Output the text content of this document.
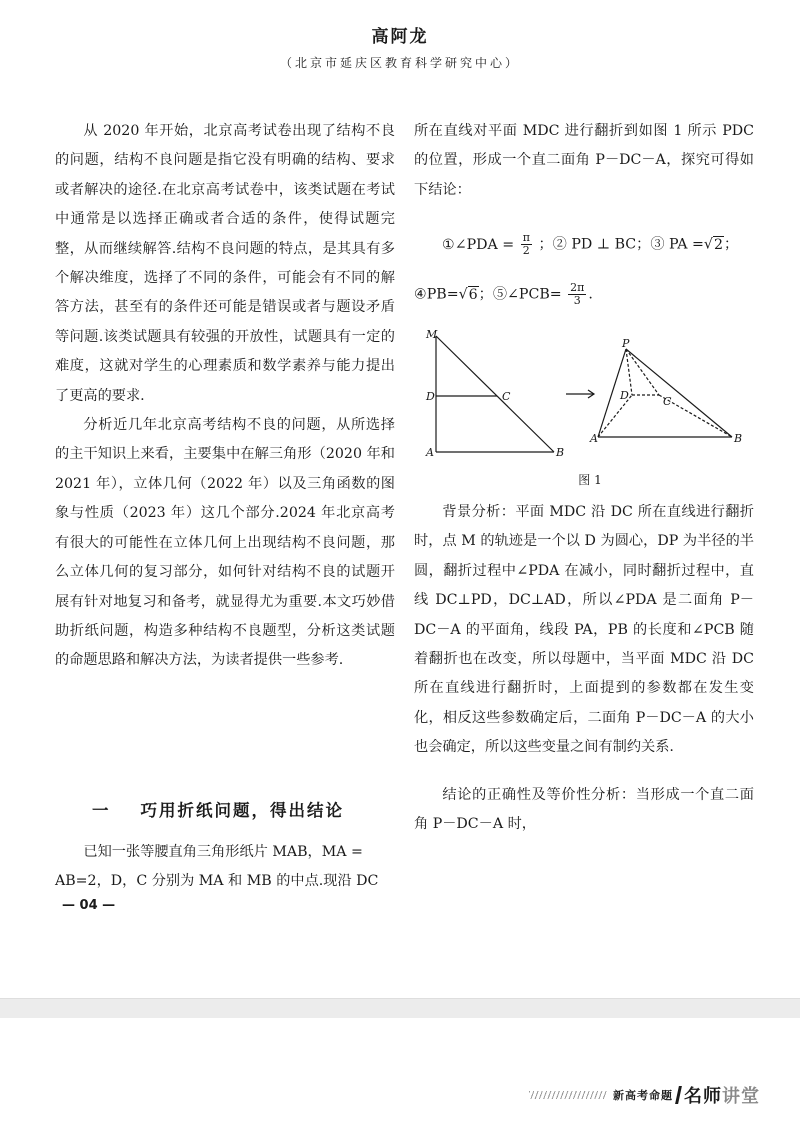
高阿龙
（北京市延庆区教育科学研究中心）

从 2020 年开始，北京高考试卷出现了结构不良的问题，结构不良问题是指它没有明确的结构、要求或者解决的途径.在北京高考试卷中，该类试题在考试中通常是以选择正确或者合适的条件，使得试题完整，从而继续解答.结构不良问题的特点，是其具有多个解决维度，选择了不同的条件，可能会有不同的解答方法，甚至有的条件还可能是错误或者与题设矛盾等问题.该类试题具有较强的开放性，试题具有一定的难度，这就对学生的心理素质和数学素养与能力提出了更高的要求.

分析近几年北京高考结构不良的问题，从所选择的主干知识上来看，主要集中在解三角形（2020 年和 2021 年），立体几何（2022 年）以及三角函数的图象与性质（2023 年）这几个部分.2024 年北京高考有很大的可能性在立体几何上出现结构不良问题，那么立体几何的复习部分，如何针对结构不良的试题开展有针对地复习和备考，就显得尤为重要.本文巧妙借助折纸问题，构造多种结构不良题型，分析这类试题的命题思路和解决方法，为读者提供一些参考.

一 巧用折纸问题，得出结论

已知一张等腰直角三角形纸片 MAB，MA = AB=2，D，C 分别为 MA 和 MB 的中点.现沿 DC

— 04 —

所在直线对平面 MDC 进行翻折到如图 1 所示 PDC 的位置，形成一个直二面角 P－DC－A，探究可得如下结论：

①∠PDA = $\frac{\pi}{2}$ ；② PD ⊥ BC；③ PA =√2；
④PB=√6；⑤∠PCB= $\frac{2\pi}{3}$ .
M
D	C
A	B
P
D	C
A	B
图 1

背景分析：平面 MDC 沿 DC 所在直线进行翻折时，点 M 的轨迹是一个以 D 为圆心，DP 为半径的半圆，翻折过程中∠PDA 在减小，同时翻折过程中，直线 DC⊥PD，DC⊥AD，所以∠PDA 是二面角 P－DC－A 的平面角，线段 PA，PB 的长度和∠PCB 随着翻折也在改变，所以母题中，当平面 MDC 沿 DC 所在直线进行翻折时，上面提到的参数都在发生变化，相反这些参数确定后，二面角 P－DC－A 的大小也会确定，所以这些变量之间有制约关系.

结论的正确性及等价性分析：当形成一个直二面角 P－DC－A 时，

新高考命题 名师讲堂
